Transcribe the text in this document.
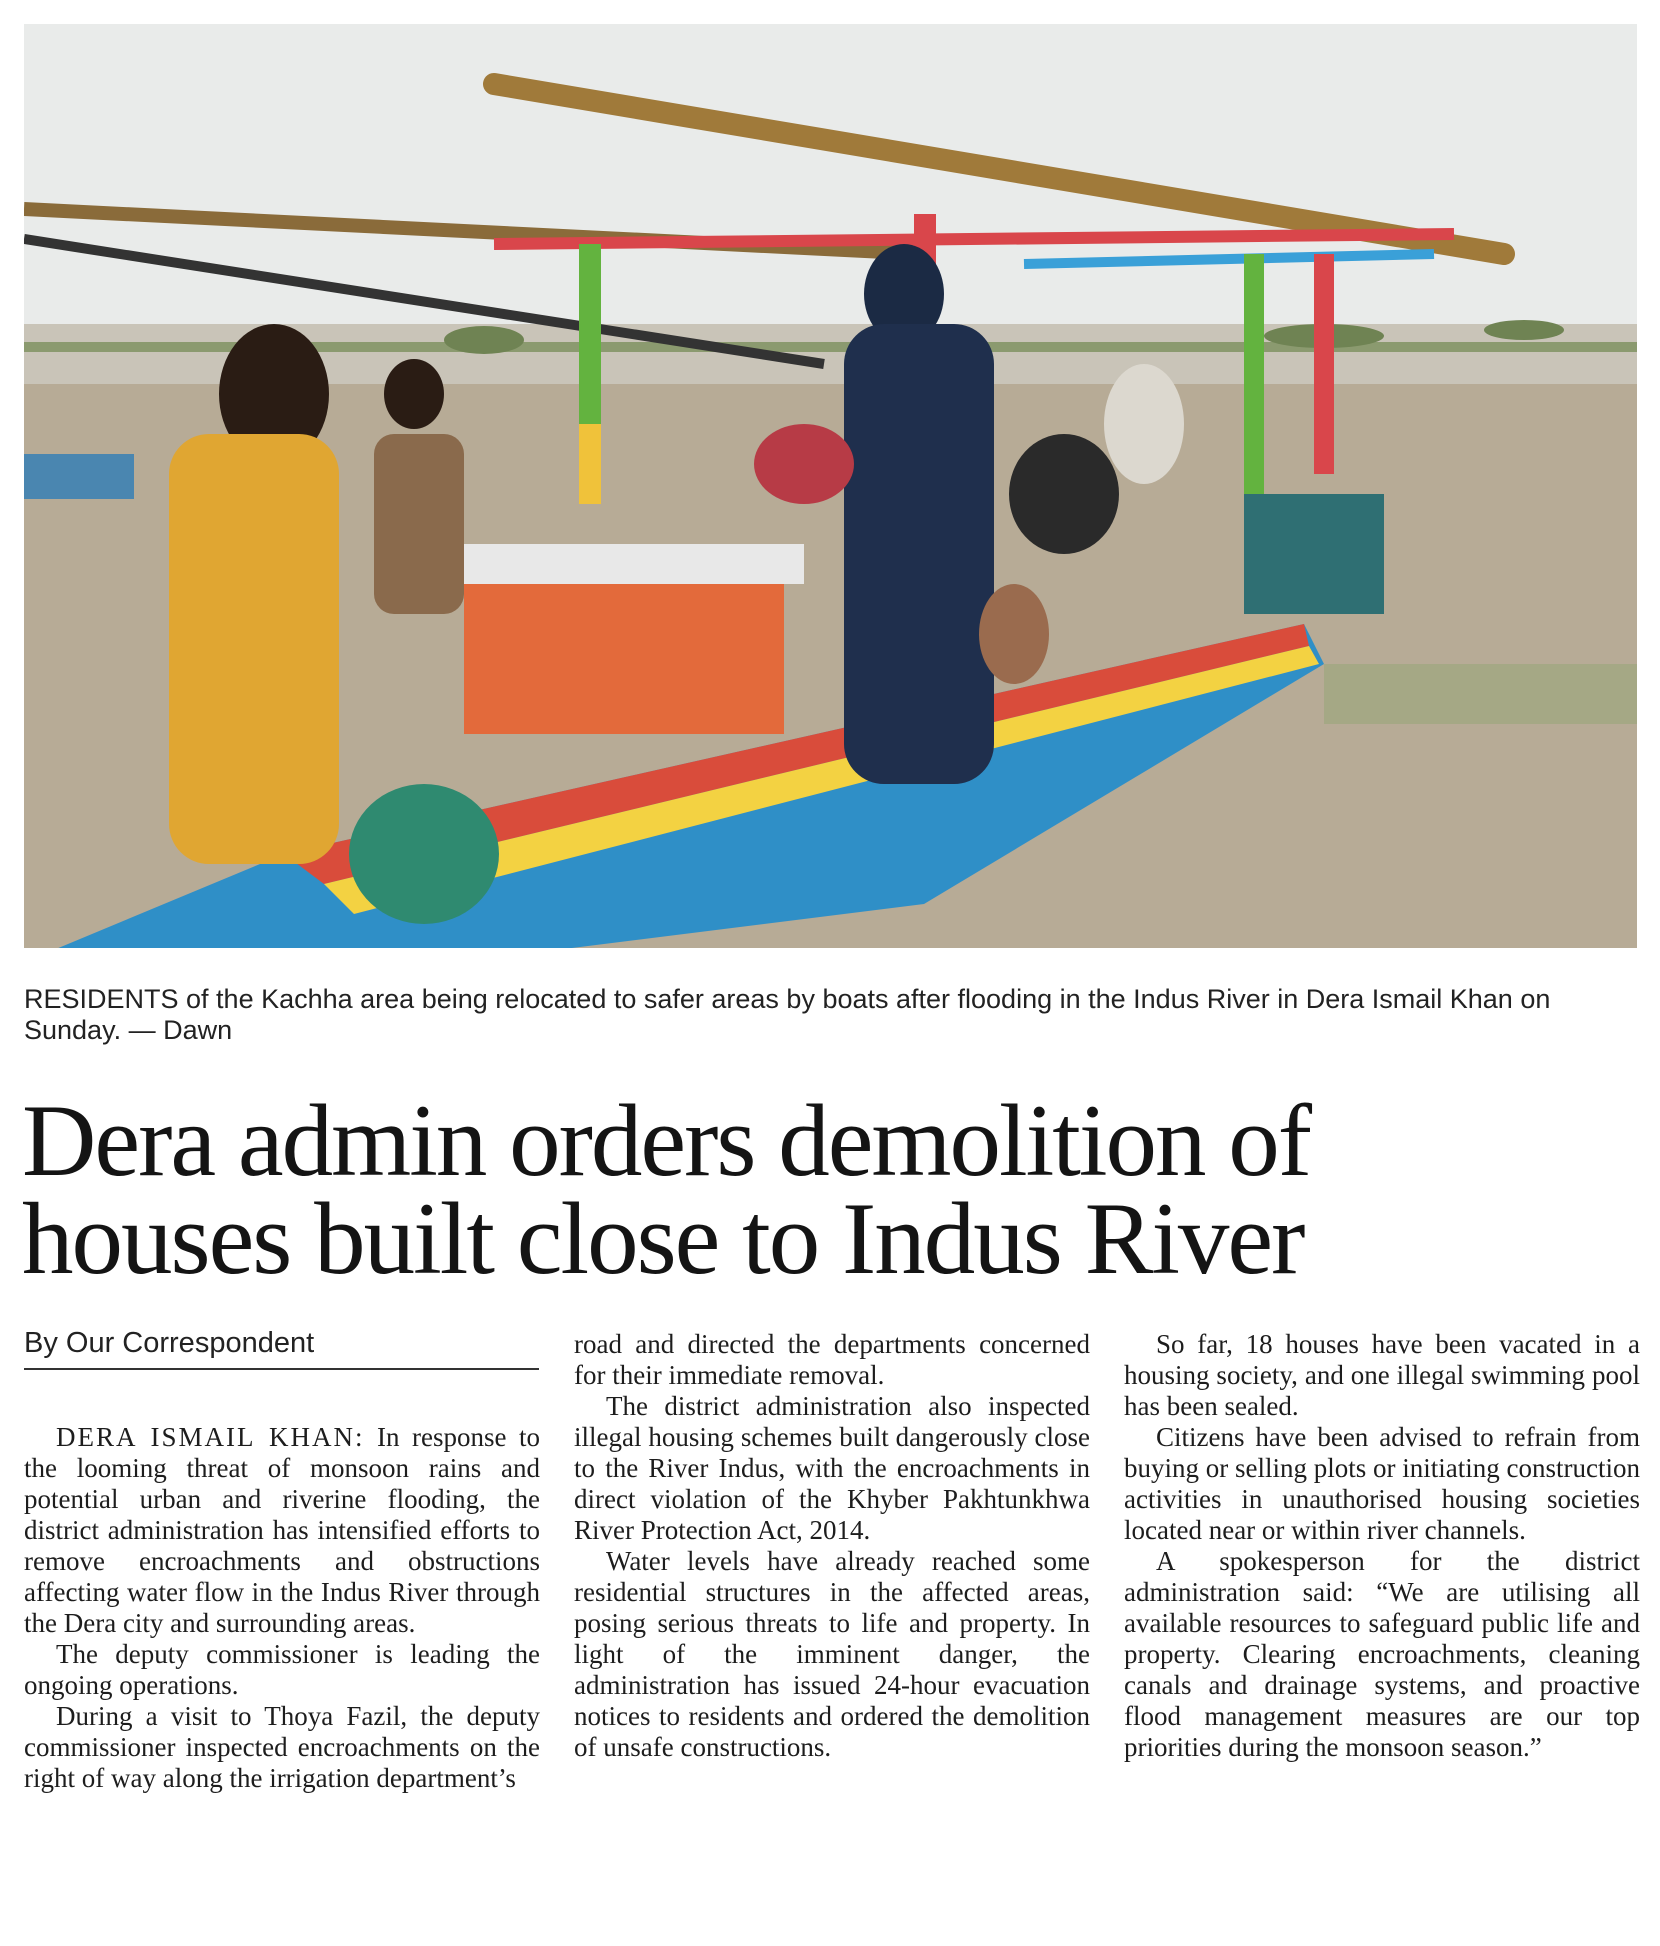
RESIDENTS of the Kachha area being relocated to safer areas by boats after flooding in the Indus River in Dera Ismail Khan on Sunday. — Dawn
Dera admin orders demolition of
houses built close to Indus River
By Our Correspondent

DERA ISMAIL KHAN: In response to the looming threat of monsoon rains and potential urban and riverine flooding, the district administration has intensified efforts to remove encroachments and obstructions affecting water flow in the Indus River through the Dera city and surrounding areas.

The deputy commissioner is leading the ongoing operations.

During a visit to Thoya Fazil, the deputy commissioner inspected encroachments on the right of way along the irrigation department’s

road and directed the departments concerned for their immediate removal.

The district administration also inspected illegal housing schemes built dangerously close to the River Indus, with the encroachments in direct violation of the Khyber Pakhtunkhwa River Protection Act, 2014.

Water levels have already reached some residential structures in the affected areas, posing serious threats to life and property. In light of the imminent danger, the administration has issued 24-hour evacuation notices to residents and ordered the demolition of unsafe constructions.

So far, 18 houses have been vacated in a housing society, and one illegal swimming pool has been sealed.

Citizens have been advised to refrain from buying or selling plots or initiating construction activities in unauthorised housing societies located near or within river channels.

A spokesperson for the district administration said: “We are utilising all available resources to safeguard public life and property. Clearing encroachments, cleaning canals and drainage systems, and proactive flood management measures are our top priorities during the monsoon season.”
